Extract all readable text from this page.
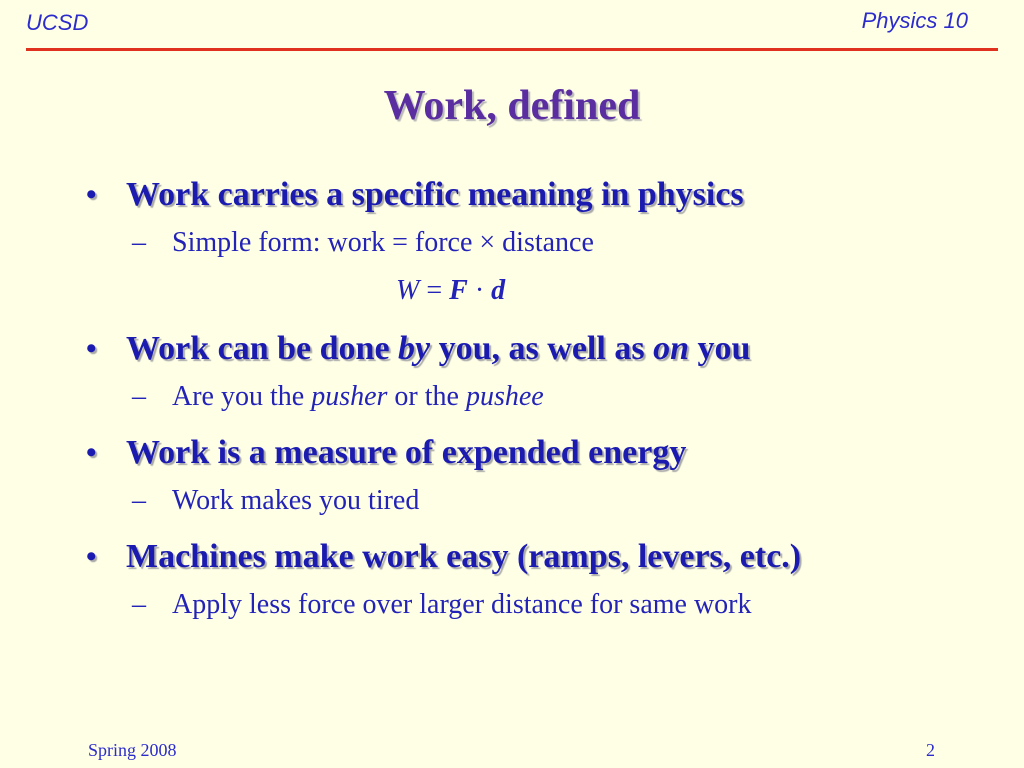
UCSD	Physics 10
Work, defined
• Work carries a specific meaning in physics
– Simple form: work = force × distance
W = F · d
• Work can be done by you, as well as on you
– Are you the pusher or the pushee
• Work is a measure of expended energy
– Work makes you tired
• Machines make work easy (ramps, levers, etc.)
– Apply less force over larger distance for same work
Spring 2008	2
